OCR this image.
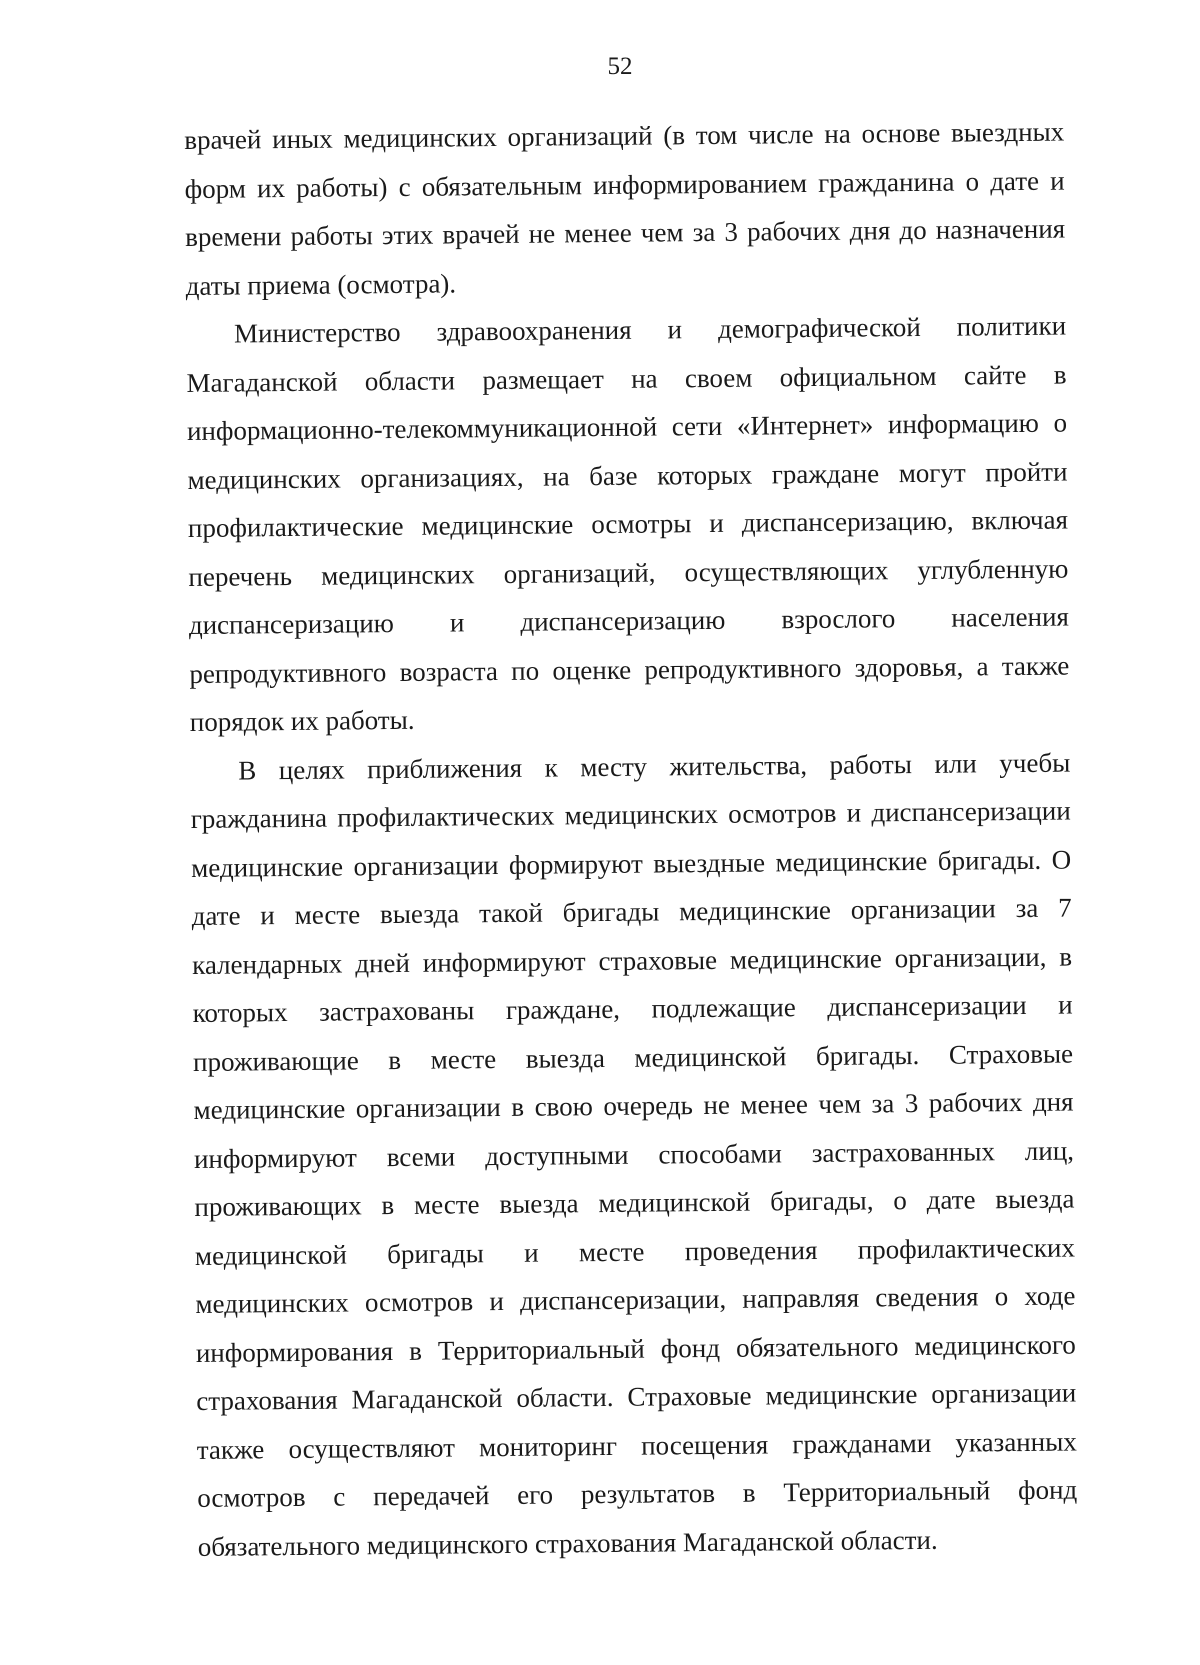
52
врачей иных медицинских организаций (в том числе на основе выездных
форм их работы) с обязательным информированием гражданина о дате и
времени работы этих врачей не менее чем за 3 рабочих дня до назначения
даты приема (осмотра).
Министерство здравоохранения и демографической политики
Магаданской области размещает на своем официальном сайте в
информационно-телекоммуникационной сети «Интернет» информацию о
медицинских организациях, на базе которых граждане могут пройти
профилактические медицинские осмотры и диспансеризацию, включая
перечень медицинских организаций, осуществляющих углубленную
диспансеризацию и диспансеризацию взрослого населения
репродуктивного возраста по оценке репродуктивного здоровья, а также
порядок их работы.
В целях приближения к месту жительства, работы или учебы
гражданина профилактических медицинских осмотров и диспансеризации
медицинские организации формируют выездные медицинские бригады. О
дате и месте выезда такой бригады медицинские организации за 7
календарных дней информируют страховые медицинские организации, в
которых застрахованы граждане, подлежащие диспансеризации и
проживающие в месте выезда медицинской бригады. Страховые
медицинские организации в свою очередь не менее чем за 3 рабочих дня
информируют всеми доступными способами застрахованных лиц,
проживающих в месте выезда медицинской бригады, о дате выезда
медицинской бригады и месте проведения профилактических
медицинских осмотров и диспансеризации, направляя сведения о ходе
информирования в Территориальный фонд обязательного медицинского
страхования Магаданской области. Страховые медицинские организации
также осуществляют мониторинг посещения гражданами указанных
осмотров с передачей его результатов в Территориальный фонд
обязательного медицинского страхования Магаданской области.
